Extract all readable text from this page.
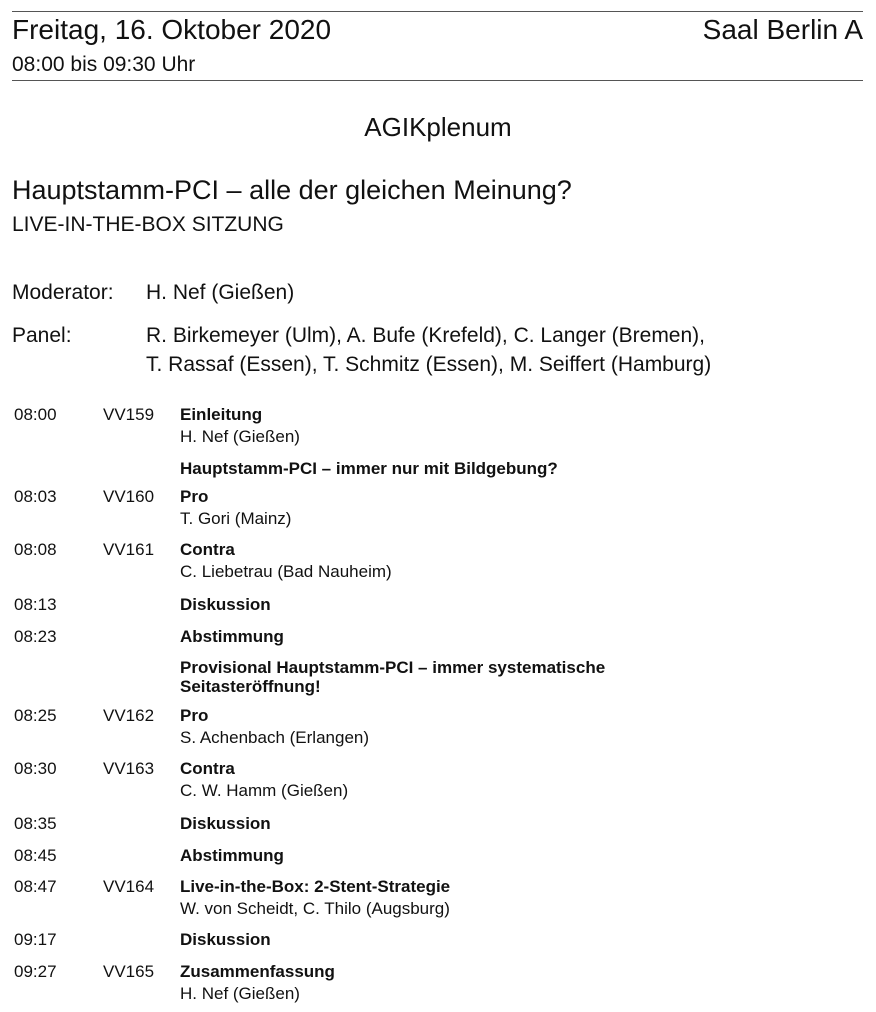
Freitag, 16. Oktober 2020	Saal Berlin A
08:00 bis 09:30 Uhr
AGIKplenum
Hauptstamm-PCI – alle der gleichen Meinung?
LIVE-IN-THE-BOX SITZUNG
Moderator: H. Nef (Gießen)
Panel:	R. Birkemeyer (Ulm), A. Bufe (Krefeld), C. Langer (Bremen),
T. Rassaf (Essen), T. Schmitz (Essen), M. Seiffert (Hamburg)
08:00	VV159 Einleitung
H. Nef (Gießen)
Hauptstamm-PCI – immer nur mit Bildgebung?
08:03	VV160 Pro
T. Gori (Mainz)
08:08	VV161 Contra
C. Liebetrau (Bad Nauheim)
08:13	Diskussion
08:23	Abstimmung
Provisional Hauptstamm-PCI – immer systematische
Seitasteröffnung!
08:25	VV162 Pro
S. Achenbach (Erlangen)
08:30	VV163 Contra
C. W. Hamm (Gießen)
08:35	Diskussion
08:45	Abstimmung
08:47	VV164 Live-in-the-Box: 2-Stent-Strategie
W. von Scheidt, C. Thilo (Augsburg)
09:17	Diskussion
09:27	VV165 Zusammenfassung
H. Nef (Gießen)
